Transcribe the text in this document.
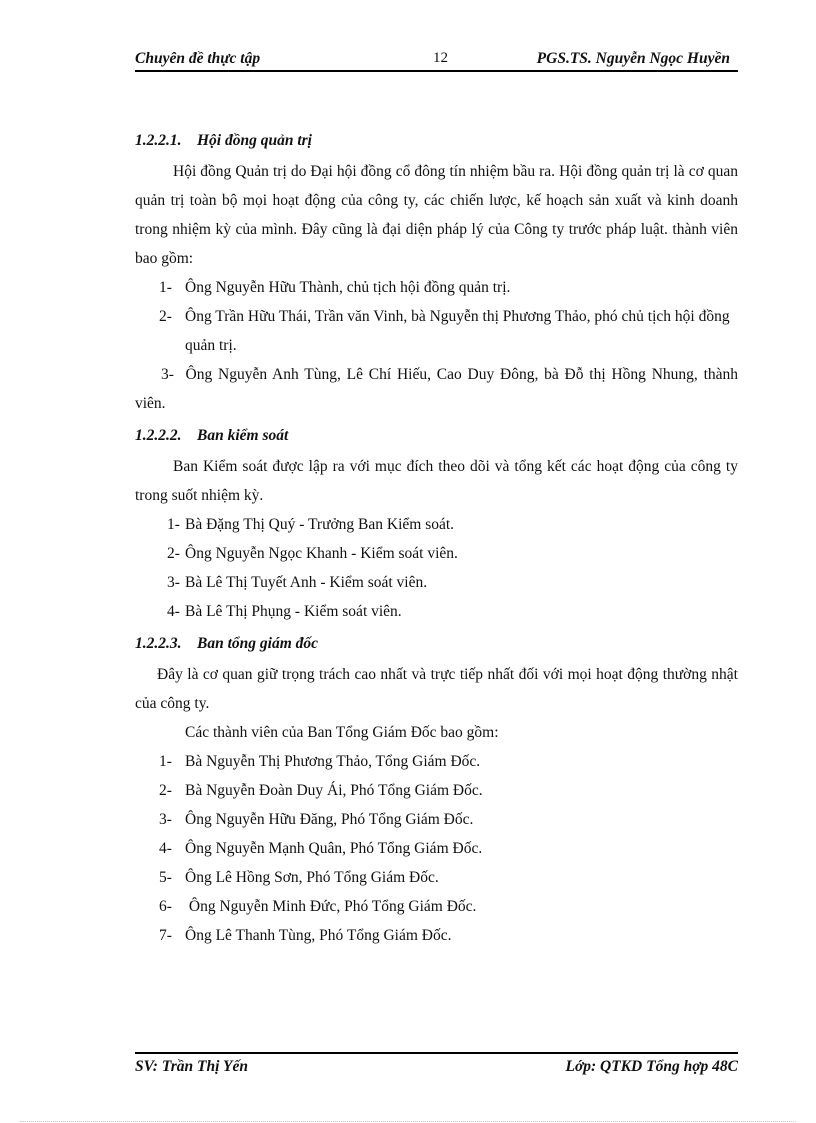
Chuyên đề thực tập	12	PGS.TS. Nguyễn Ngọc Huyền

1.2.2.1. Hội đồng quản trị

Hội đồng Quản trị do Đại hội đồng cổ đông tín nhiệm bầu ra. Hội đồng quản trị là cơ quan quản trị toàn bộ mọi hoạt động của công ty, các chiến lược, kế hoạch sản xuất và kinh doanh trong nhiệm kỳ của mình. Đây cũng là đại diện pháp lý của Công ty trước pháp luật. thành viên bao gồm:

1- Ông Nguyễn Hữu Thành, chủ tịch hội đồng quản trị.

2- Ông Trần Hữu Thái, Trần văn Vinh, bà Nguyễn thị Phương Thảo, phó chủ tịch hội đồng quản trị.

3- Ông Nguyễn Anh Tùng, Lê Chí Hiếu, Cao Duy Đông, bà Đỗ thị Hồng Nhung, thành viên.

1.2.2.2. Ban kiểm soát

Ban Kiểm soát được lập ra với mục đích theo dõi và tổng kết các hoạt động của công ty trong suốt nhiệm kỳ.

1- Bà Đặng Thị Quý - Trưởng Ban Kiểm soát.

2- Ông Nguyễn Ngọc Khanh - Kiểm soát viên.

3- Bà Lê Thị Tuyết Anh - Kiểm soát viên.

4- Bà Lê Thị Phụng - Kiểm soát viên.

1.2.2.3. Ban tổng giám đốc

Đây là cơ quan giữ trọng trách cao nhất và trực tiếp nhất đối với mọi hoạt động thường nhật của công ty.

Các thành viên của Ban Tổng Giám Đốc bao gồm:

1- Bà Nguyễn Thị Phương Thảo, Tổng Giám Đốc.

2- Bà Nguyễn Đoàn Duy Ái, Phó Tổng Giám Đốc.

3- Ông Nguyễn Hữu Đăng, Phó Tổng Giám Đốc.

4- Ông Nguyễn Mạnh Quân, Phó Tổng Giám Đốc.

5- Ông Lê Hồng Sơn, Phó Tổng Giám Đốc.

6- Ông Nguyễn Minh Đức, Phó Tổng Giám Đốc.

7- Ông Lê Thanh Tùng, Phó Tổng Giám Đốc.

SV: Trần Thị Yến	Lớp: QTKD Tổng hợp 48C
